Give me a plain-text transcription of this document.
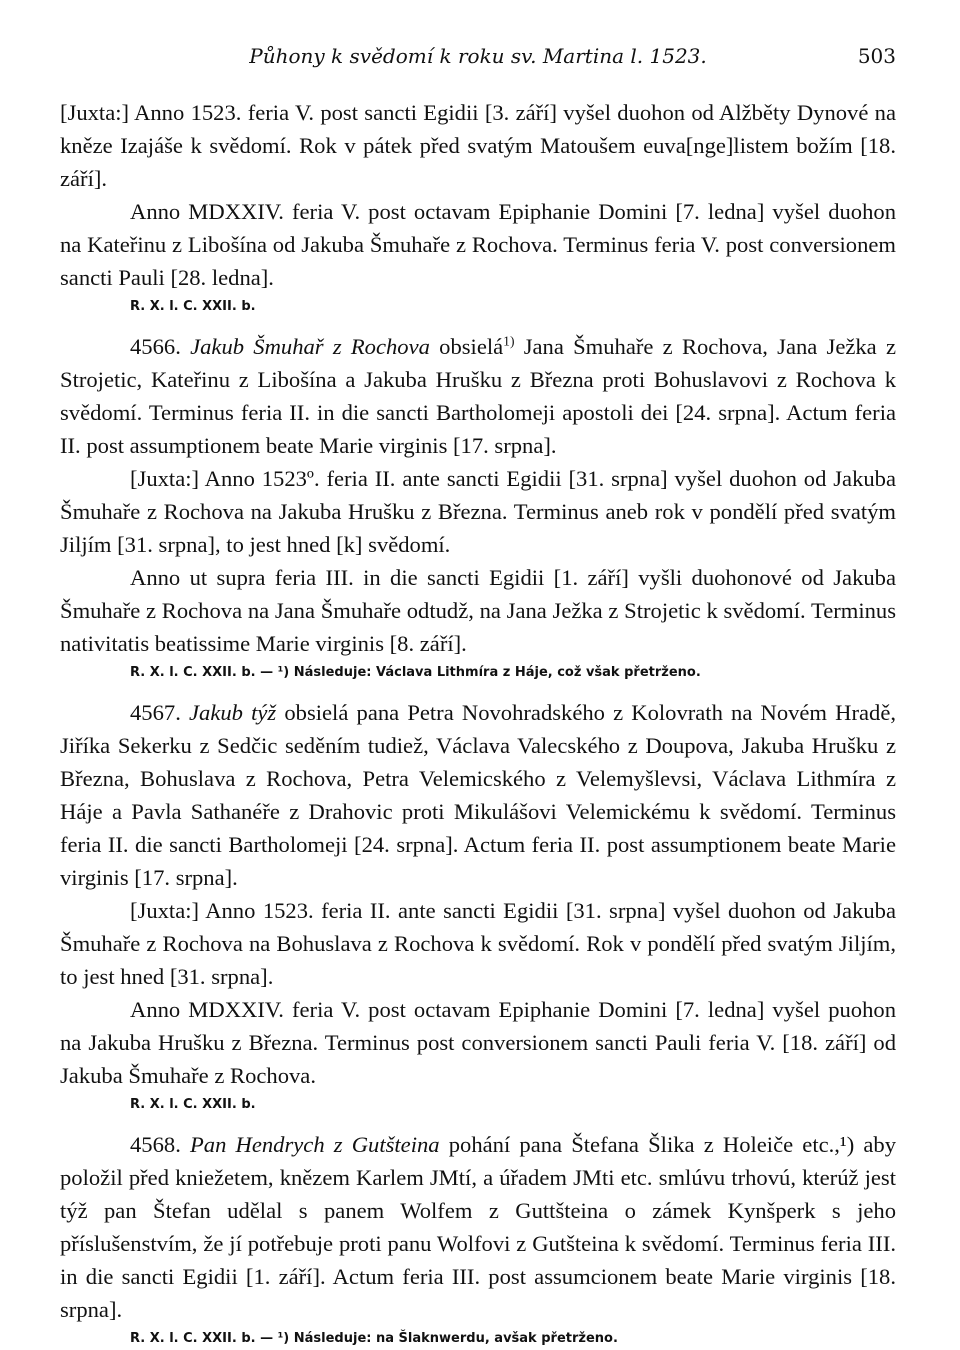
Půhony k svědomí k roku sv. Martina l. 1523.	503

[Juxta:] Anno 1523. feria V. post sancti Egidii [3. září] vyšel duohon od Alžběty Dynové na kněze Izajáše k svědomí. Rok v pátek před svatým Matoušem euva[nge]listem božím [18. září].

Anno MDXXIV. feria V. post octavam Epiphanie Domini [7. ledna] vyšel duohon na Kateřinu z Libošína od Jakuba Šmuhaře z Rochova. Terminus feria V. post conversionem sancti Pauli [28. ledna].

R. X. l. C. XXII. b.

4566. Jakub Šmuhař z Rochova obsielá$^{1)}$ Jana Šmuhaře z Rochova, Jana Ježka z Strojetic, Kateřinu z Libošína a Jakuba Hrušku z Března proti Bohuslavovi z Rochova k svědomí. Terminus feria II. in die sancti Bartholomeji apostoli dei [24. srpna]. Actum feria II. post assumptionem beate Marie virginis [17. srpna].

[Juxta:] Anno 1523º. feria II. ante sancti Egidii [31. srpna] vyšel duohon od Jakuba Šmuhaře z Rochova na Jakuba Hrušku z Března. Terminus aneb rok v pondělí před svatým Jiljím [31. srpna], to jest hned [k] svědomí.

Anno ut supra feria III. in die sancti Egidii [1. září] vyšli duohonové od Jakuba Šmuhaře z Rochova na Jana Šmuhaře odtudž, na Jana Ježka z Strojetic k svědomí. Terminus nativitatis beatissime Marie virginis [8. září].

R. X. l. C. XXII. b. — ¹) Následuje: Václava Lithmíra z Háje, což však přetrženo.

4567. Jakub týž obsielá pana Petra Novohradského z Kolovrath na Novém Hradě, Jiříka Sekerku z Sedčic seděním tudiež, Václava Valecského z Doupova, Jakuba Hrušku z Března, Bohuslava z Rochova, Petra Velemicského z Velemyšlevsi, Václava Lithmíra z Háje a Pavla Sathanéře z Drahovic proti Mikulášovi Velemickému k svědomí. Terminus feria II. die sancti Bartholomeji [24. srpna]. Actum feria II. post assumptionem beate Marie virginis [17. srpna].

[Juxta:] Anno 1523. feria II. ante sancti Egidii [31. srpna] vyšel duohon od Jakuba Šmuhaře z Rochova na Bohuslava z Rochova k svědomí. Rok v pondělí před svatým Jiljím, to jest hned [31. srpna].

Anno MDXXIV. feria V. post octavam Epiphanie Domini [7. ledna] vyšel puohon na Jakuba Hrušku z Března. Terminus post conversionem sancti Pauli feria V. [18. září] od Jakuba Šmuhaře z Rochova.

R. X. l. C. XXII. b.

4568. Pan Hendrych z Gutšteina pohání pana Štefana Šlika z Holeiče etc.,¹) aby položil před kniežetem, knězem Karlem JMtí, a úřadem JMti etc. smlúvu trhovú, kterúž jest týž pan Štefan udělal s panem Wolfem z Guttšteina o zámek Kynšperk s jeho příslušenstvím, že jí potřebuje proti panu Wolfovi z Gutšteina k svědomí. Terminus feria III. in die sancti Egidii [1. září]. Actum feria III. post assumcionem beate Marie virginis [18. srpna].

R. X. l. C. XXII. b. — ¹) Následuje: na Šlaknwerdu, avšak přetrženo.
